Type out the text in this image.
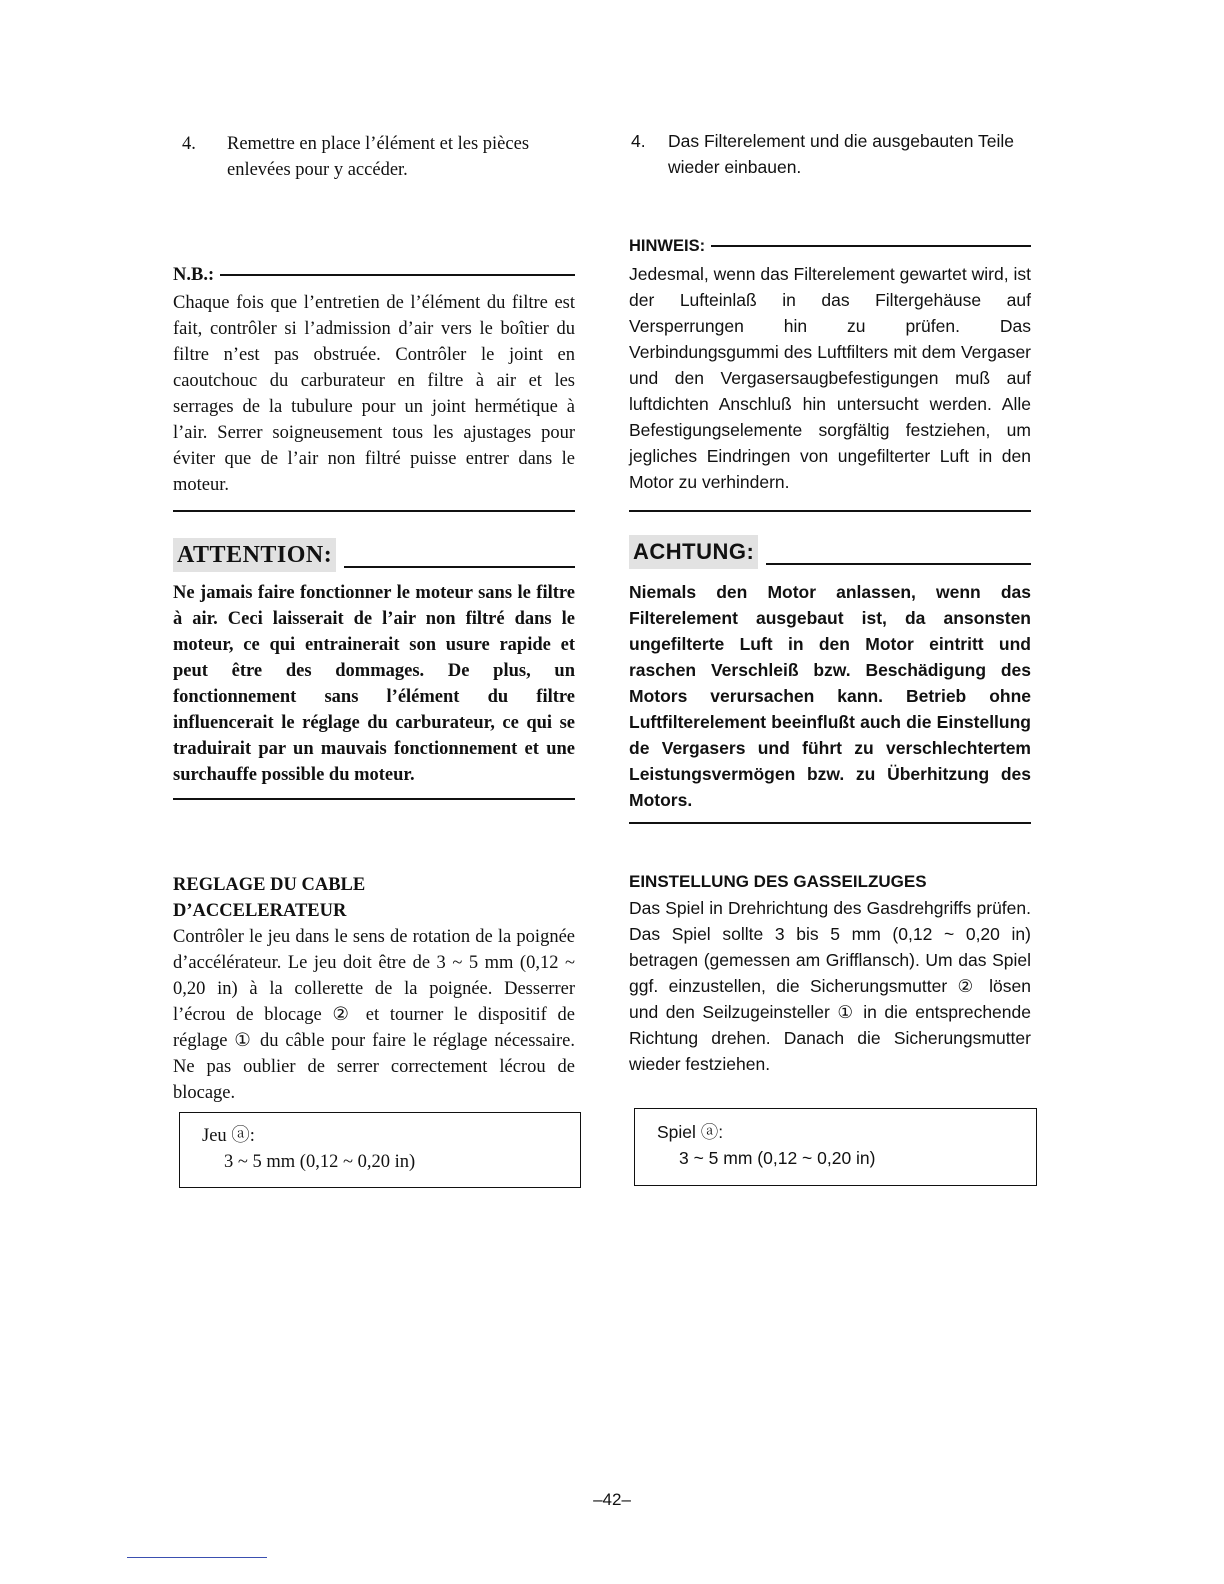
4.	Remettre en place l’élément et les pièces enlevées pour y accéder.
N.B.:
Chaque fois que l’entretien de l’élément du filtre est fait, contrôler si l’admission d’air vers le boîtier du filtre n’est pas obstruée. Contrôler le joint en caoutchouc du carburateur en filtre à air et les serrages de la tubulure pour un joint hermétique à l’air. Serrer soigneusement tous les ajustages pour éviter que de l’air non filtré puisse entrer dans le moteur.
ATTENTION:
Ne jamais faire fonctionner le moteur sans le filtre à air. Ceci laisserait de l’air non filtré dans le moteur, ce qui entrainerait son usure rapide et peut être des dommages. De plus, un fonctionnement sans l’élément du filtre influencerait le réglage du carburateur, ce qui se traduirait par un mauvais fonctionnement et une surchauffe possible du moteur.
REGLAGE DU CABLE
D’ACCELERATEUR
Contrôler le jeu dans le sens de rotation de la poignée d’accélérateur. Le jeu doit être de 3 ~ 5 mm (0,12 ~ 0,20 in) à la collerette de la poignée. Desserrer l’écrou de blocage ② et tourner le dispositif de réglage ① du câble pour faire le réglage nécessaire. Ne pas oublier de serrer correctement lécrou de blocage.
Jeu ⓐ:
3 ~ 5 mm (0,12 ~ 0,20 in)
4.	Das Filterelement und die ausgebauten Teile wieder einbauen.
HINWEIS:
Jedesmal, wenn das Filterelement gewartet wird, ist der Lufteinlaß in das Filtergehäuse auf Versperrungen hin zu prüfen. Das Verbindungsgummi des Luftfilters mit dem Vergaser und den Vergasersaugbefestigungen muß auf luftdichten Anschluß hin untersucht werden. Alle Befestigungselemente sorgfältig festziehen, um jegliches Eindringen von ungefilterter Luft in den Motor zu verhindern.
ACHTUNG:
Niemals den Motor anlassen, wenn das Filterelement ausgebaut ist, da ansonsten ungefilterte Luft in den Motor eintritt und raschen Verschleiß bzw. Beschädigung des Motors verursachen kann. Betrieb ohne Luftfilterelement beeinflußt auch die Einstellung de Vergasers und führt zu verschlechtertem Leistungsvermögen bzw. zu Überhitzung des Motors.
EINSTELLUNG DES GASSEILZUGES
Das Spiel in Drehrichtung des Gasdrehgriffs prüfen. Das Spiel sollte 3 bis 5 mm (0,12 ~ 0,20 in) betragen (gemessen am Grifflansch). Um das Spiel ggf. einzustellen, die Sicherungsmutter ② lösen und den Seilzugeinsteller ① in die entsprechende Richtung drehen. Danach die Sicherungsmutter wieder festziehen.
Spiel ⓐ:
3 ~ 5 mm (0,12 ~ 0,20 in)
–42–
